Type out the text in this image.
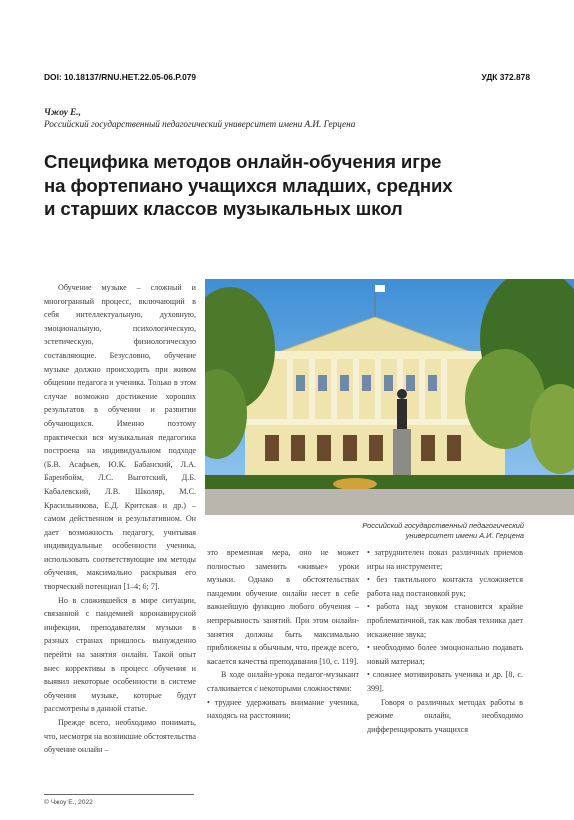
DOI: 10.18137/RNU.HET.22.05-06.P.079	УДК 372.878
Чжоу Е.,
Российский государственный педагогический университет имени А.И. Герцена
Специфика методов онлайн-обучения игре
на фортепиано учащихся младших, средних
и старших классов музыкальных школ

Обучение музыке – сложный и многогранный процесс, включающий в себя интеллектуальную, духовную, эмоциональную, психологическую, эстетическую, физиологическую составляющие. Безусловно, обучение музыке должно происходить при живом общении педагога и ученика. Только в этом случае возможно достижение хороших результатов в обучении и развитии обучающихся. Именно поэтому практически вся музыкальная педагогика построена на индивидуальном подходе (Б.В. Асафьев, Ю.К. Бабанский, Л.А. Баренбойм, Л.С. Выготский, Д.Б. Кабалевский, Л.В. Школяр, М.С. Красильникова, Е.Д. Критская и др.) – самом действенном и результативном. Он дает возможность педагогу, учитывая индивидуальные особенности ученика, использовать соответствующие им методы обучения, максимально раскрывая его творческий потенциал [1–4; 6; 7].

Но в сложившейся в мире ситуации, связанной с пандемией коронавирусной инфекции, преподавателям музыки в разных странах пришлось вынужденно перейти на занятия онлайн. Такой опыт внес коррективы в процесс обучения и выявил некоторые особенности в системе обучения музыке, которые будут рассмотрены в данной статье.

Прежде всего, необходимо понимать, что, несмотря на возникшие обстоятельства обучение онлайн –

Российский государственный педагогический
университет имени А.И. Герцена

это временная мера, оно не может полностью заменить «живые» уроки музыки. Однако в обстоятельствах пандемии обучение онлайн несет в себе важнейшую функцию любого обучения – непрерывность занятий. При этом онлайн-занятия должны быть максимально приближены к обычным, что, прежде всего, касается качества преподавания [10, с. 119].

В ходе онлайн-урока педагог-музыкант сталкивается с некоторыми сложностями:

• труднее удерживать внимание ученика, находясь на расстоянии;

• затруднителен показ различных приемов игры на инструменте;

• без тактильного контакта усложняется работа над постановкой рук;

• работа над звуком становится крайне проблематичной, так как любая техника дает искажение звука;

• необходимо более эмоционально подавать новый материал;

• сложнее мотивировать ученика и др. [8, с. 399].

Говоря о различных методах работы в режиме онлайн, необходимо дифференцировать учащихся

© Чжоу Е., 2022
